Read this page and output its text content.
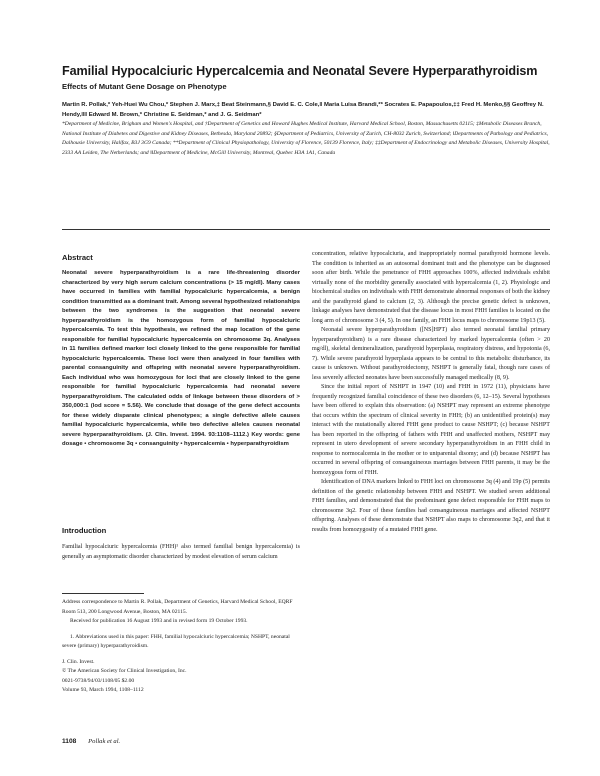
Familial Hypocalciuric Hypercalcemia and Neonatal Severe Hyperparathyroidism
Effects of Mutant Gene Dosage on Phenotype
Martin R. Pollak,* Yeh-Huei Wu Chou,* Stephen J. Marx,‡ Beat Steinmann,§ David E. C. Cole,‖ Maria Luisa Brandi,** Socrates E. Papapoulos,‡‡ Fred H. Menko,§§ Geoffrey N. Hendy,‖‖ Edward M. Brown,* Christine E. Seidman,* and J. G. Seidman*
*Department of Medicine, Brigham and Women's Hospital, and †Department of Genetics and Howard Hughes Medical Institute, Harvard Medical School, Boston, Massachusetts 02115; ‡Metabolic Diseases Branch, National Institute of Diabetes and Digestive and Kidney Diseases, Bethesda, Maryland 20892; §Department of Pediatrics, University of Zurich, CH-8032 Zurich, Switzerland; ‖Departments of Pathology and Pediatrics, Dalhousie University, Halifax, B3J 3G9 Canada; **Department of Clinical Physiopathology, University of Florence, 50139 Florence, Italy; ‡‡Department of Endocrinology and Metabolic Diseases, University Hospital, 2333 AA Leiden, The Netherlands; and ‖‖Department of Medicine, McGill University, Montreal, Quebec H3A 1A1, Canada
Abstract
Neonatal severe hyperparathyroidism is a rare life-threatening disorder characterized by very high serum calcium concentrations (> 15 mg/dl). Many cases have occurred in families with familial hypocalciuric hypercalcemia, a benign condition transmitted as a dominant trait. Among several hypothesized relationships between the two syndromes is the suggestion that neonatal severe hyperparathyroidism is the homozygous form of familial hypocalciuric hypercalcemia. To test this hypothesis, we refined the map location of the gene responsible for familial hypocalciuric hypercalcemia on chromosome 3q. Analyses in 11 families defined marker loci closely linked to the gene responsible for familial hypocalciuric hypercalcemia. These loci were then analyzed in four families with parental consanguinity and offspring with neonatal severe hyperparathyroidism. Each individual who was homozygous for loci that are closely linked to the gene responsible for familial hypocalciuric hypercalcemia had neonatal severe hyperparathyroidism. The calculated odds of linkage between these disorders of > 350,000:1 (lod score = 5.56). We conclude that dosage of the gene defect accounts for these widely disparate clinical phenotypes; a single defective allele causes familial hypocalciuric hypercalcemia, while two defective alleles causes neonatal severe hyperparathyroidism. (J. Clin. Invest. 1994. 93:1108–1112.) Key words: gene dosage • chromosome 3q • consanguinity • hypercalcemia • hyperparathyroidism
Introduction
Familial hypocalciuric hypercalcemia (FHH)¹ also termed familial benign hypercalcemia) is generally an asymptomatic disorder characterized by modest elevation of serum calcium

Address correspondence to Martin R. Pollak, Department of Genetics, Harvard Medical School, EQRF Room 513, 200 Longwood Avenue, Boston, MA 02115.

Received for publication 16 August 1993 and in revised form 19 October 1993.

1. Abbreviations used in this paper: FHH, familial hypocalciuric hypercalcemia; NSHPT, neonatal severe (primary) hyperparathyroidism.

J. Clin. Invest.

© The American Society for Clinical Investigation, Inc.

0021-9738/94/03/1108/05 $2.00

Volume 93, March 1994, 1108–1112

concentration, relative hypocalciuria, and inappropriately normal parathyroid hormone levels. The condition is inherited as an autosomal dominant trait and the phenotype can be diagnosed soon after birth. While the penetrance of FHH approaches 100%, affected individuals exhibit virtually none of the morbidity generally associated with hypercalcemia (1, 2). Physiologic and biochemical studies on individuals with FHH demonstrate abnormal responses of both the kidney and the parathyroid gland to calcium (2, 3). Although the precise genetic defect is unknown, linkage analyses have demonstrated that the disease locus in most FHH families is located on the long arm of chromosome 3 (4, 5). In one family, an FHH locus maps to chromosome 19p13 (5).

Neonatal severe hyperparathyroidism ([NS]HPT) also termed neonatal familial primary hyperparathyroidism) is a rare disease characterized by marked hypercalcemia (often > 20 mg/dl), skeletal demineralization, parathyroid hyperplasia, respiratory distress, and hypotonia (6, 7). While severe parathyroid hyperplasia appears to be central to this metabolic disturbance, its cause is unknown. Without parathyroidectomy, NSHPT is generally fatal, though rare cases of less severely affected neonates have been successfully managed medically (8, 9).

Since the initial report of NSHPT in 1947 (10) and FHH in 1972 (11), physicians have frequently recognized familial coincidence of these two disorders (6, 12–15). Several hypotheses have been offered to explain this observation: (a) NSHPT may represent an extreme phenotype that occurs within the spectrum of clinical severity in FHH; (b) an unidentified protein(s) may interact with the mutationally altered FHH gene product to cause NSHPT; (c) because NSHPT has been reported in the offspring of fathers with FHH and unaffected mothers, NSHPT may represent in utero development of severe secondary hyperparathyroidism in an FHH child in response to normocalcemia in the mother or to uniparental disomy; and (d) because NSHPT has occurred in several offspring of consanguineous marriages between FHH parents, it may be the homozygous form of FHH.

Identification of DNA markers linked to FHH loci on chromosome 3q (4) and 19p (5) permits definition of the genetic relationship between FHH and NSHPT. We studied seven additional FHH families, and demonstrated that the predominant gene defect responsible for FHH maps to chromosome 3q2. Four of these families had consanguineous marriages and affected NSHPT offspring. Analyses of these demonstrate that NSHPT also maps to chromosome 3q2, and that it results from homozygosity of a mutated FHH gene.

1108 Pollak et al.
